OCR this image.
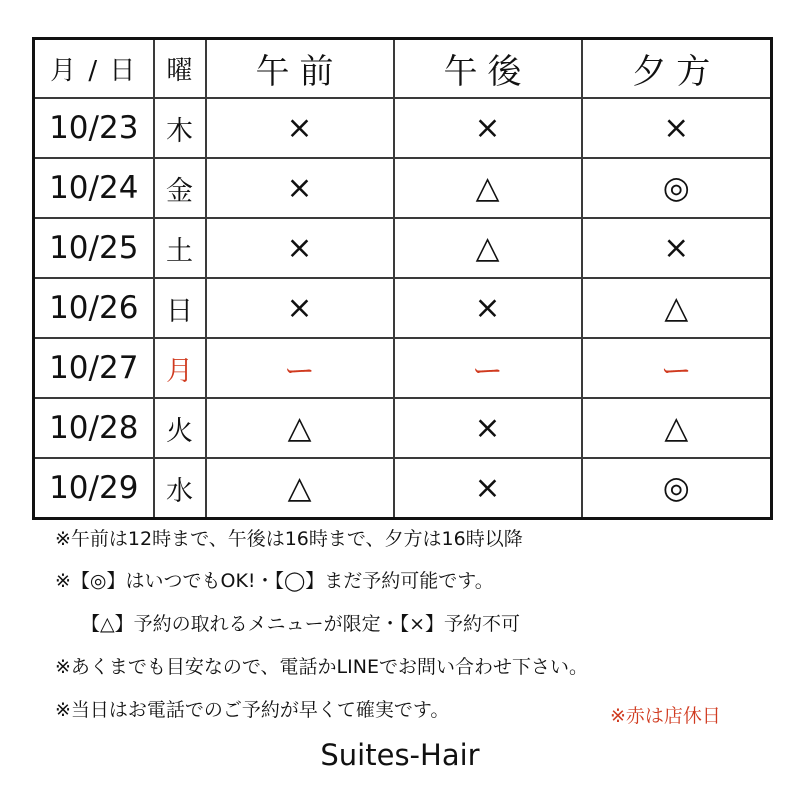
月 / 日	曜	午前	午後	夕方
10/23	木	×	×	×
10/24	金	×	△	◎
10/25	土	×	△	×
10/26	日	×	×	△
10/27	月	ー	ー	ー
10/28	火	△	×	△
10/29	水	△	×	◎
※午前は12時まで、午後は16時まで、夕方は16時以降
※【◎】はいつでもOK!・【◯】まだ予約可能です。
【△】予約の取れるメニューが限定・【×】予約不可
※あくまでも目安なので、電話かLINEでお問い合わせ下さい。
※当日はお電話でのご予約が早くて確実です。	※赤は店休日
Suites-Hair
